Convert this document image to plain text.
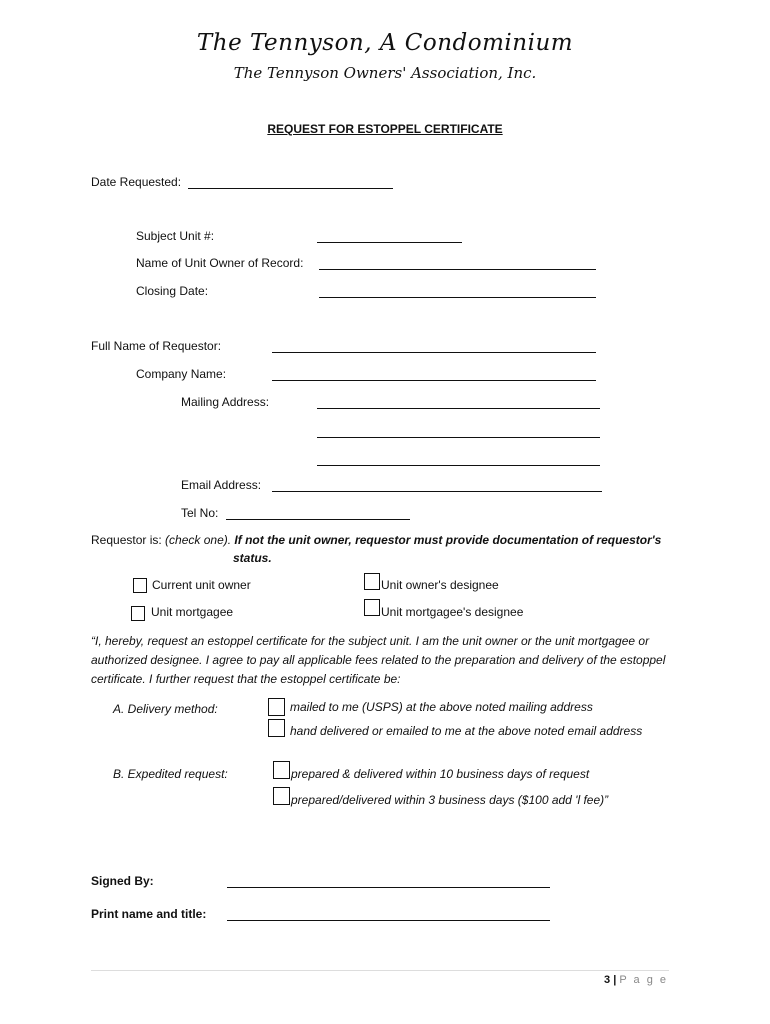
The Tennyson, A Condominium
The Tennyson Owners' Association, Inc.
REQUEST FOR ESTOPPEL CERTIFICATE
Date Requested:
Subject Unit #:
Name of Unit Owner of Record:
Closing Date:
Full Name of Requestor:
Company Name:
Mailing Address:
Email Address:
Tel No:
Requestor is: (check one). If not the unit owner, requestor must provide documentation of requestor's
status.
Current unit owner	Unit owner's designee
Unit mortgagee	Unit mortgagee's designee
“I, hereby, request an estoppel certificate for the subject unit. I am the unit owner or the unit mortgagee or authorized designee. I agree to pay all applicable fees related to the preparation and delivery of the estoppel certificate. I further request that the estoppel certificate be:
A. Delivery method:	mailed to me (USPS) at the above noted mailing address
hand delivered or emailed to me at the above noted email address
B. Expedited request:	prepared & delivered within 10 business days of request
prepared/delivered within 3 business days ($100 add 'l fee)”
Signed By:
Print name and title:
3 | P a g e
